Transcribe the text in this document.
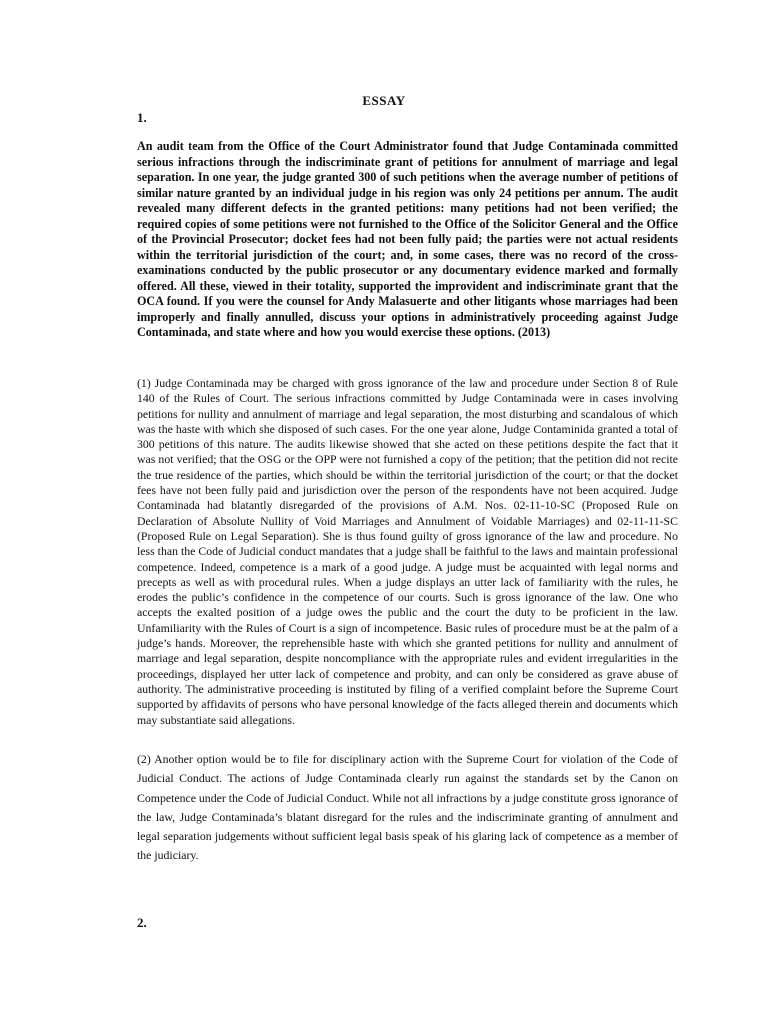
ESSAY
1.

An audit team from the Office of the Court Administrator found that Judge Contaminada committed serious infractions through the indiscriminate grant of petitions for annulment of marriage and legal separation. In one year, the judge granted 300 of such petitions when the average number of petitions of similar nature granted by an individual judge in his region was only 24 petitions per annum. The audit revealed many different defects in the granted petitions: many petitions had not been verified; the required copies of some petitions were not furnished to the Office of the Solicitor General and the Office of the Provincial Prosecutor; docket fees had not been fully paid; the parties were not actual residents within the territorial jurisdiction of the court; and, in some cases, there was no record of the cross-examinations conducted by the public prosecutor or any documentary evidence marked and formally offered. All these, viewed in their totality, supported the improvident and indiscriminate grant that the OCA found. If you were the counsel for Andy Malasuerte and other litigants whose marriages had been improperly and finally annulled, discuss your options in administratively proceeding against Judge Contaminada, and state where and how you would exercise these options. (2013)

(1) Judge Contaminada may be charged with gross ignorance of the law and procedure under Section 8 of Rule 140 of the Rules of Court. The serious infractions committed by Judge Contaminada were in cases involving petitions for nullity and annulment of marriage and legal separation, the most disturbing and scandalous of which was the haste with which she disposed of such cases. For the one year alone, Judge Contaminida granted a total of 300 petitions of this nature. The audits likewise showed that she acted on these petitions despite the fact that it was not verified; that the OSG or the OPP were not furnished a copy of the petition; that the petition did not recite the true residence of the parties, which should be within the territorial jurisdiction of the court; or that the docket fees have not been fully paid and jurisdiction over the person of the respondents have not been acquired. Judge Contaminada had blatantly disregarded of the provisions of A.M. Nos. 02-11-10-SC (Proposed Rule on Declaration of Absolute Nullity of Void Marriages and Annulment of Voidable Marriages) and 02-11-11-SC (Proposed Rule on Legal Separation). She is thus found guilty of gross ignorance of the law and procedure. No less than the Code of Judicial conduct mandates that a judge shall be faithful to the laws and maintain professional competence. Indeed, competence is a mark of a good judge. A judge must be acquainted with legal norms and precepts as well as with procedural rules. When a judge displays an utter lack of familiarity with the rules, he erodes the public’s confidence in the competence of our courts. Such is gross ignorance of the law. One who accepts the exalted position of a judge owes the public and the court the duty to be proficient in the law. Unfamiliarity with the Rules of Court is a sign of incompetence. Basic rules of procedure must be at the palm of a judge’s hands. Moreover, the reprehensible haste with which she granted petitions for nullity and annulment of marriage and legal separation, despite noncompliance with the appropriate rules and evident irregularities in the proceedings, displayed her utter lack of competence and probity, and can only be considered as grave abuse of authority. The administrative proceeding is instituted by filing of a verified complaint before the Supreme Court supported by affidavits of persons who have personal knowledge of the facts alleged therein and documents which may substantiate said allegations.

(2) Another option would be to file for disciplinary action with the Supreme Court for violation of the Code of Judicial Conduct. The actions of Judge Contaminada clearly run against the standards set by the Canon on Competence under the Code of Judicial Conduct. While not all infractions by a judge constitute gross ignorance of the law, Judge Contaminada’s blatant disregard for the rules and the indiscriminate granting of annulment and legal separation judgements without sufficient legal basis speak of his glaring lack of competence as a member of the judiciary.

2.
